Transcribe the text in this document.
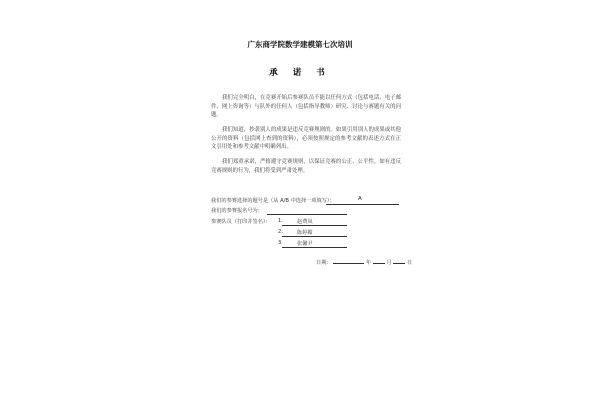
广东商学院数学建模第七次培训
承 诺 书

我们完全明白，在竞赛开始后参赛队员不能以任何方式（包括电话、电子邮件、网上咨询等）与队外的任何人（包括指导教师）研究、讨论与赛题有关的问题。

我们知道，抄袭别人的成果是违反竞赛规则的。如果引用别人的成果或其他公开的资料（包括网上查到的资料），必须按照规定的参考文献的表述方式在正文引用处和参考文献中明确列出。

我们郑重承诺，严格遵守竞赛规则，以保证竞赛的公正、公平性。如有违反竞赛规则的行为，我们将受到严肃处理。

我们的参赛选择的题号是（从 A/B 中选择一项填写）：	A
我们的参赛报名号为：
参赛队员（打印并签名）： 1.	赵费凤
2.	陈婷媚
3.	张馨尹
日期：	年	月	日
